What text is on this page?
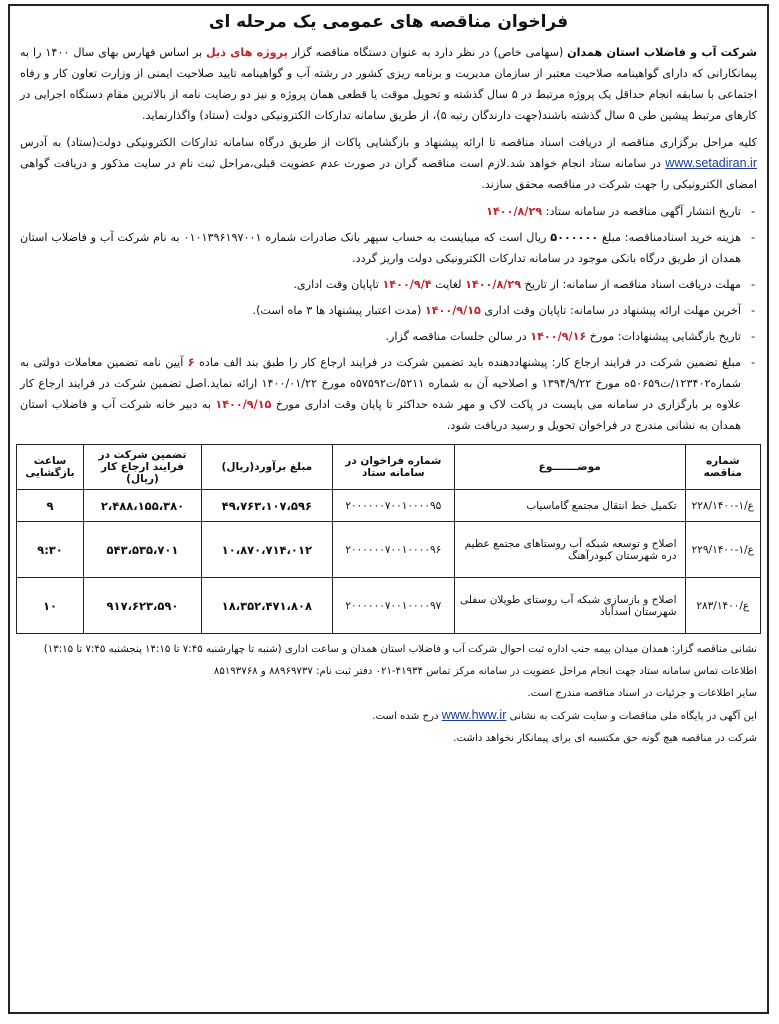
فراخوان مناقصه های عمومی یک مرحله ای
شرکت آب و فاضلاب استان همدان (سهامی خاص) در نظر دارد به عنوان دستگاه مناقصه گزار پروژه های ذیل بر اساس فهارس بهای سال ۱۴۰۰ را به پیمانکارانی که دارای گواهینامه صلاحیت معتبر از سازمان مدیریت و برنامه ریزی کشور در رشته آب و گواهینامه تایید صلاحیت ایمنی از وزارت تعاون کار و رفاه اجتماعی با سابقه انجام حداقل یک پروژه مرتبط در ۵ سال گذشته و تحویل موقت یا قطعی همان پروژه و نیز دو رضایت نامه از بالاترین مقام دستگاه اجرایی در کارهای مرتبط پیشین طی ۵ سال گذشته باشند(جهت دارندگان رتبه ۵)، از طریق سامانه تدارکات الکترونیکی دولت (ستاد) واگذارنماید.
کلیه مراحل برگزاری مناقصه از دریافت اسناد مناقصه تا ارائه پیشنهاد و بازگشایی پاکات از طریق درگاه سامانه تدارکات الکترونیکی دولت(ستاد) به آدرس www.setadiran.ir در سامانه ستاد انجام خواهد شد.لازم است مناقصه گران در صورت عدم عضویت قبلی،مراحل ثبت نام در سایت مذکور و دریافت گواهی امضای الکترونیکی را جهت شرکت در مناقصه محقق سازند.
- تاریخ انتشار آگهی مناقصه در سامانه ستاد: ۱۴۰۰/۸/۲۹
- هزینه خرید اسنادمناقصه: مبلغ ۵۰۰۰۰۰۰ ریال است که میبایست به حساب سپهر بانک صادرات شماره ۰۱۰۱۳۹۶۱۹۷۰۰۱ به نام شرکت آب و فاضلاب استان همدان از طریق درگاه بانکی موجود در سامانه تدارکات الکترونیکی دولت واریز گردد.
- مهلت دریافت اسناد مناقصه از سامانه: از تاریخ ۱۴۰۰/۸/۲۹ لغایت ۱۴۰۰/۹/۴ تاپایان وقت اداری.
- آخرین مهلت ارائه پیشنهاد در سامانه: تاپایان وقت اداری ۱۴۰۰/۹/۱۵ (مدت اعتبار پیشنهاد ها ۳ ماه است).
- تاریخ بازگشایی پیشنهادات: مورخ ۱۴۰۰/۹/۱۶ در سالن جلسات مناقصه گزار.
- مبلغ تضمین شرکت در فرایند ارجاع کار: پیشنهاددهنده باید تضمین شرکت در فرایند ارجاع کار را طبق بند الف ماده ۶ آیین نامه تضمین معاملات دولتی به شماره۱۲۳۴۰۲/ت۵۰۶۵۹ه مورخ ۱۳۹۴/۹/۲۲ و اصلاحیه آن به شماره ۵۲۱۱/ت۵۷۵۹۲ه مورخ ۱۴۰۰/۰۱/۲۲ ارائه نماید.اصل تضمین شرکت در فرایند ارجاع کار علاوه بر بارگزاری در سامانه می بایست در پاکت لاک و مهر شده حداکثر تا پایان وقت اداری مورخ ۱۴۰۰/۹/۱۵ به دبیر خانه شرکت آب و فاضلاب استان همدان به نشانی مندرج در فراخوان تحویل و رسید دریافت شود.
شماره مناقصه	موضـــــــوع	شماره فراخوان در سامانه ستاد	مبلغ برآورد(ریال)	تضمین شرکت در فرایند ارجاع کار (ریال)	ساعت بازگشایی
ع/۱-۲۲۸/۱۴۰۰	تکمیل خط انتقال مجتمع گاماسیاب	۲۰۰۰۰۰۰۷۰۰۱۰۰۰۰۹۵	۴۹،۷۶۳،۱۰۷،۵۹۶	۲،۴۸۸،۱۵۵،۳۸۰	۹
ع/۱-۲۲۹/۱۴۰۰	اصلاح و توسعه شبکه آب روستاهای مجتمع عظیم دره شهرستان کبودرآهنگ	۲۰۰۰۰۰۰۷۰۰۱۰۰۰۰۹۶	۱۰،۸۷۰،۷۱۴،۰۱۲	۵۴۳،۵۳۵،۷۰۱	۹:۳۰
ع/۲۸۳/۱۴۰۰	اصلاح و بازسازی شبکه آب روستای طویلان سفلی شهرستان اسدآباد	۲۰۰۰۰۰۰۷۰۰۱۰۰۰۰۹۷	۱۸،۳۵۲،۴۷۱،۸۰۸	۹۱۷،۶۲۳،۵۹۰	۱۰
نشانی مناقصه گزار: همدان میدان بیمه جنب اداره ثبت احوال شرکت آب و فاضلاب استان همدان و ساعت اداری (شنبه تا چهارشنبه ۷:۴۵ تا ۱۴:۱۵ پنجشنبه ۷:۴۵ تا ۱۳:۱۵)
اطلاعات تماس سامانه ستاد جهت انجام مراحل عضویت در سامانه مرکز تماس ۴۱۹۳۴-۰۲۱ دفتر ثبت نام: ۸۸۹۶۹۷۳۷ و ۸۵۱۹۳۷۶۸
سایر اطلاعات و جزئیات در اسناد مناقصه مندرج است.
این آگهی در پایگاه ملی مناقصات و سایت شرکت به نشانی www.hww.ir درج شده است.
شرکت در مناقصه هیچ گونه حق مکتسبه ای برای پیمانکار نخواهد داشت.
